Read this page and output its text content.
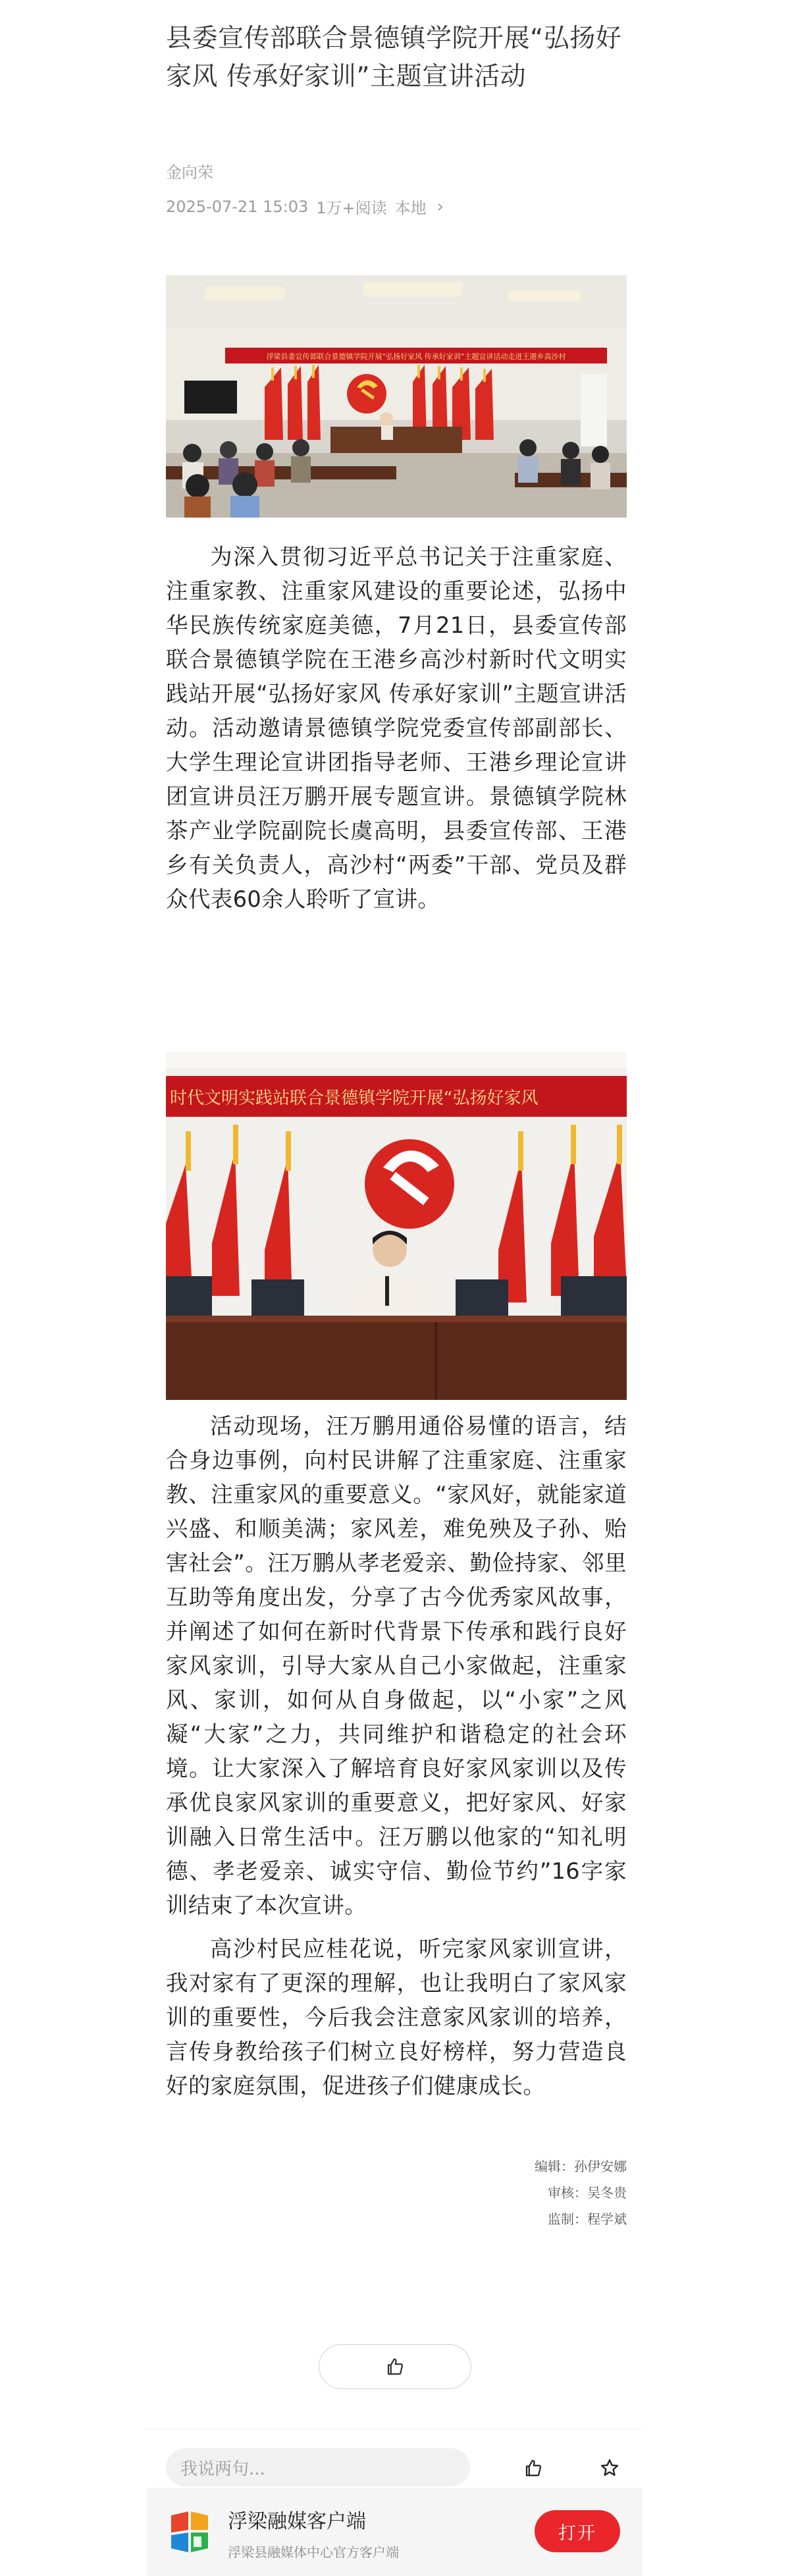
县委宣传部联合景德镇学院开展“弘扬好家风 传承好家训”主题宣讲活动
金向荣
2025-07-21 15:03 1万+阅读 本地 ›
浮梁县委宣传部联合景德镇学院开展“弘扬好家风 传承好家训”主题宣讲活动走进王港乡高沙村

为深入贯彻习近平总书记关于注重家庭、注重家教、注重家风建设的重要论述，弘扬中华民族传统家庭美德，7月21日，县委宣传部联合景德镇学院在王港乡高沙村新时代文明实践站开展“弘扬好家风 传承好家训”主题宣讲活动。活动邀请景德镇学院党委宣传部副部长、大学生理论宣讲团指导老师、王港乡理论宣讲团宣讲员汪万鹏开展专题宣讲。景德镇学院林茶产业学院副院长虞高明，县委宣传部、王港乡有关负责人，高沙村“两委”干部、党员及群众代表60余人聆听了宣讲。

时代文明实践站联合景德镇学院开展“弘扬好家风

活动现场，汪万鹏用通俗易懂的语言，结合身边事例，向村民讲解了注重家庭、注重家教、注重家风的重要意义。“家风好，就能家道兴盛、和顺美满；家风差，难免殃及子孙、贻害社会”。汪万鹏从孝老爱亲、勤俭持家、邻里互助等角度出发，分享了古今优秀家风故事，并阐述了如何在新时代背景下传承和践行良好家风家训，引导大家从自己小家做起，注重家风、家训，如何从自身做起，以“小家”之风凝“大家”之力，共同维护和谐稳定的社会环境。让大家深入了解培育良好家风家训以及传承优良家风家训的重要意义，把好家风、好家训融入日常生活中。汪万鹏以他家的“知礼明德、孝老爱亲、诚实守信、勤俭节约”16字家训结束了本次宣讲。

高沙村民应桂花说，听完家风家训宣讲，我对家有了更深的理解，也让我明白了家风家训的重要性，今后我会注意家风家训的培养，言传身教给孩子们树立良好榜样，努力营造良好的家庭氛围，促进孩子们健康成长。

编辑：孙伊安娜
审核：吴冬贵
监制：程学斌
我说两句...
浮梁融媒客户端
浮梁县融媒体中心官方客户端
打开
